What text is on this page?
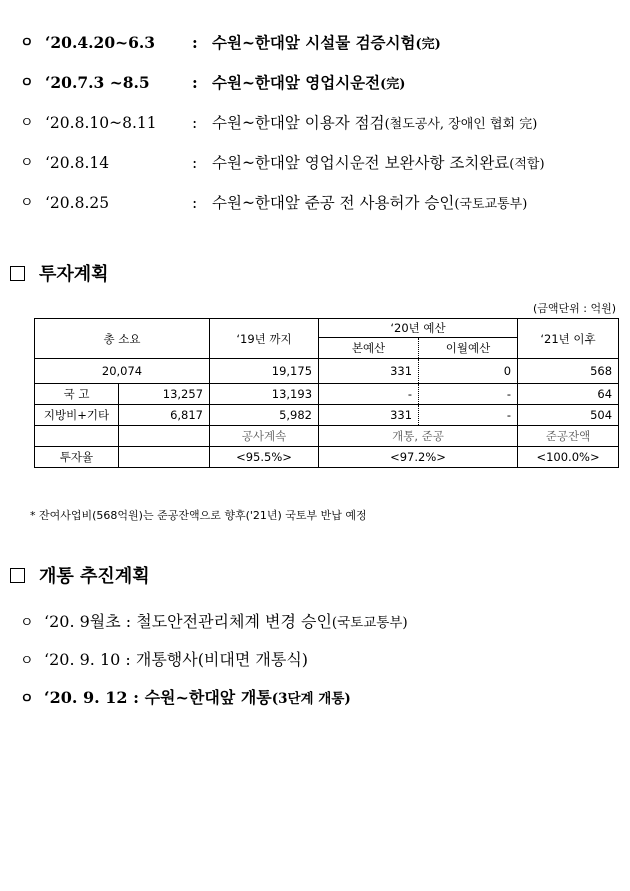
ㅇ ‘20.4.20~6.3 : 수원~한대앞 시설물 검증시험(完)
ㅇ ‘20.7.3 ~8.5	: 수원~한대앞 영업시운전(完)
ㅇ ‘20.8.10~8.11 : 수원~한대앞 이용자 점검(철도공사, 장애인 협회 完)
ㅇ ‘20.8.14	: 수원~한대앞 영업시운전 보완사항 조치완료(적합)
ㅇ ‘20.8.25	: 수원~한대앞 준공 전 사용허가 승인(국토교통부)
투자계획
(금액단위 : 억원)
총 소요		‘19년 까지	‘20년 예산		‘21년 이후
			본예산	이월예산	
20,074		19,175	331	0	568
국 고	13,257	13,193	-	-	64
지방비+기타	6,817	5,982	331	-	504
		공사계속	개통, 준공		준공잔액
투자율		<95.5%>	<97.2%>		<100.0%>
* 잔여사업비(568억원)는 준공잔액으로 향후('21년) 국토부 반납 예정
개통 추진계획
ㅇ ‘20. 9월초 : 철도안전관리체계 변경 승인(국토교통부)
ㅇ ‘20. 9. 10 : 개통행사(비대면 개통식)
ㅇ ‘20. 9. 12 : 수원~한대앞 개통(3단계 개통)
